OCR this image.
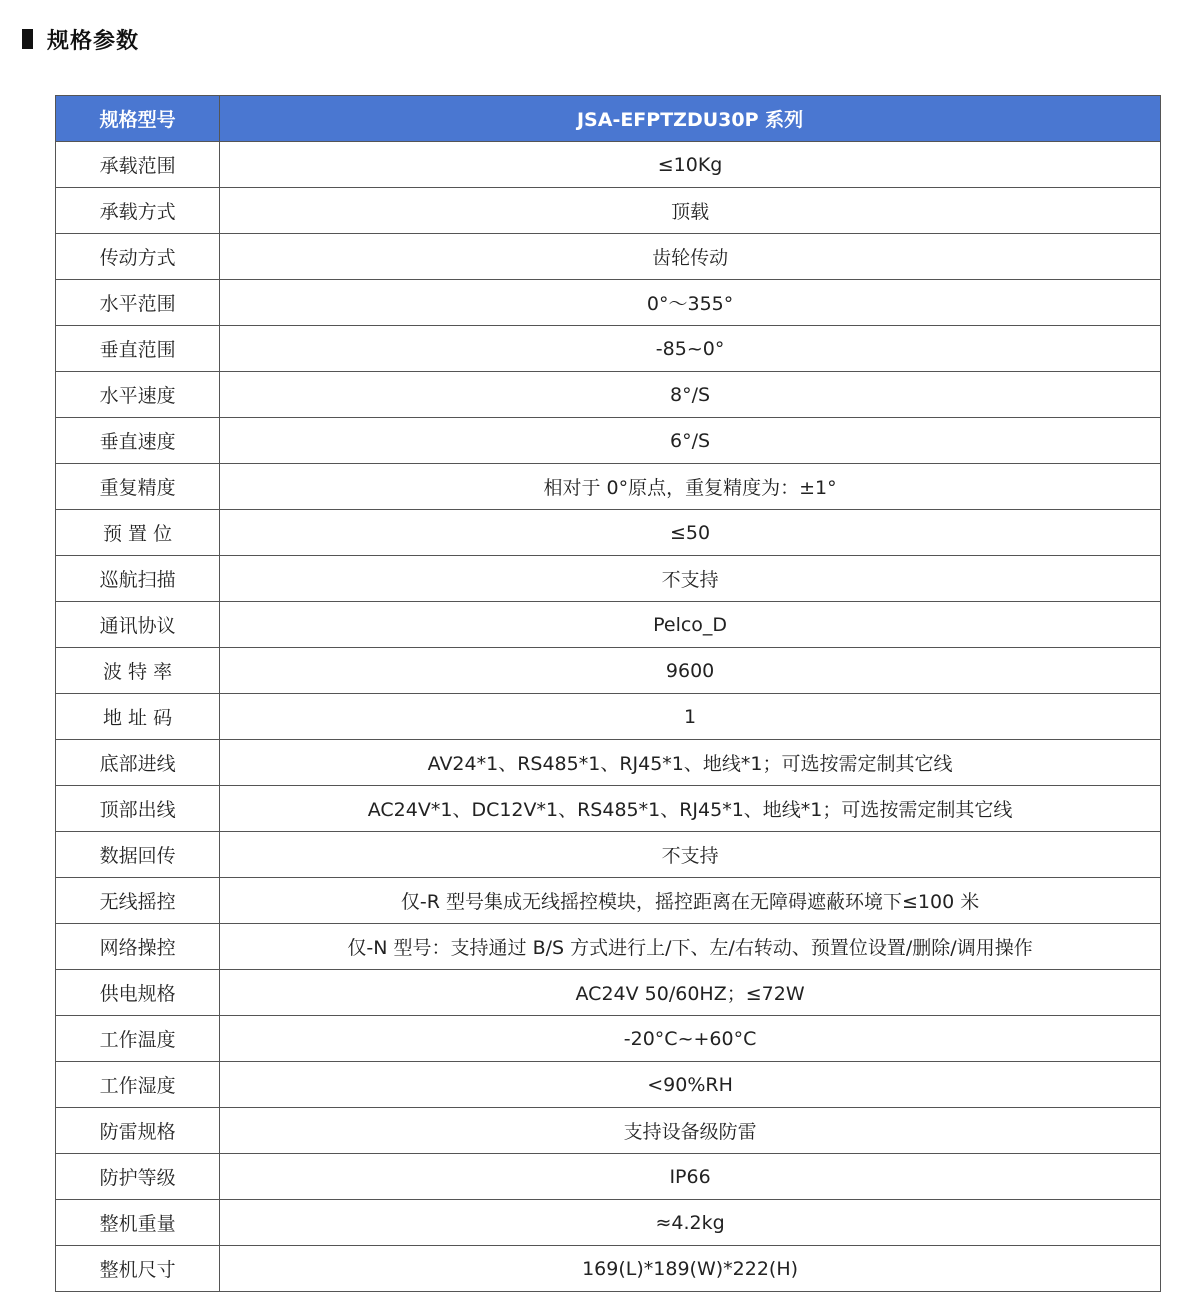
规格参数
规格型号	JSA-EFPTZDU30P 系列
承载范围	≤10Kg
承载方式	顶载
传动方式	齿轮传动
水平范围	0°～355°
垂直范围	-85~0°
水平速度	8°/S
垂直速度	6°/S
重复精度	相对于 0°原点，重复精度为：±1°
预 置 位	≤50
巡航扫描	不支持
通讯协议	Pelco_D
波 特 率	9600
地 址 码	1
底部进线	AV24*1、RS485*1、RJ45*1、地线*1；可选按需定制其它线
顶部出线	AC24V*1、DC12V*1、RS485*1、RJ45*1、地线*1；可选按需定制其它线
数据回传	不支持
无线摇控	仅-R 型号集成无线摇控模块，摇控距离在无障碍遮蔽环境下≤100 米
网络操控	仅-N 型号：支持通过 B/S 方式进行上/下、左/右转动、预置位设置/删除/调用操作
供电规格	AC24V 50/60HZ；≤72W
工作温度	-20°C~+60°C
工作湿度	<90%RH
防雷规格	支持设备级防雷
防护等级	IP66
整机重量	≈4.2kg
整机尺寸	169(L)*189(W)*222(H)
